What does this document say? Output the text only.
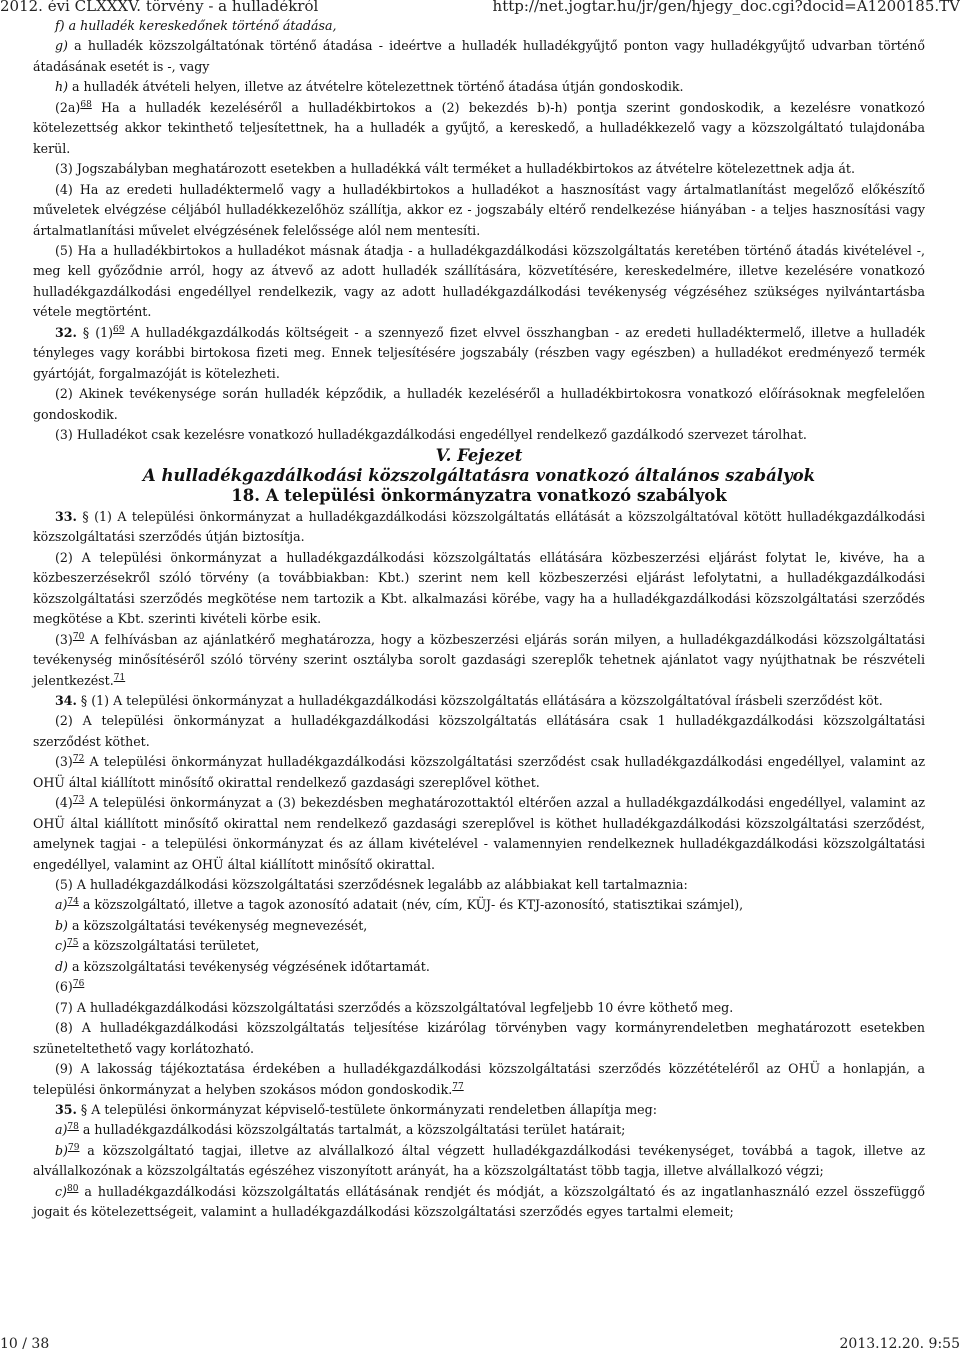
2012. évi CLXXXV. törvény - a hulladékról	http://net.jogtar.hu/jr/gen/hjegy_doc.cgi?docid=A1200185.TV

f) a hulladék kereskedőnek történő átadása,

g) a hulladék közszolgáltatónak történő átadása - ideértve a hulladék hulladékgyűjtő ponton vagy hulladékgyűjtő udvarban történő átadásának esetét is -, vagy

h) a hulladék átvételi helyen, illetve az átvételre kötelezettnek történő átadása útján gondoskodik.

$(2a)^{68}$ Ha a hulladék kezeléséről a hulladékbirtokos a (2) bekezdés b)-h) pontja szerint gondoskodik, a kezelésre vonatkozó kötelezettség akkor tekinthető teljesítettnek, ha a hulladék a gyűjtő, a kereskedő, a hulladékkezelő vagy a közszolgáltató tulajdonába kerül.

(3) Jogszabályban meghatározott esetekben a hulladékká vált terméket a hulladékbirtokos az átvételre kötelezettnek adja át.

(4) Ha az eredeti hulladéktermelő vagy a hulladékbirtokos a hulladékot a hasznosítást vagy ártalmatlanítást megelőző előkészítő műveletek elvégzése céljából hulladékkezelőhöz szállítja, akkor ez - jogszabály eltérő rendelkezése hiányában - a teljes hasznosítási vagy ártalmatlanítási művelet elvégzésének felelőssége alól nem mentesíti.

(5) Ha a hulladékbirtokos a hulladékot másnak átadja - a hulladékgazdálkodási közszolgáltatás keretében történő átadás kivételével -, meg kell győződnie arról, hogy az átvevő az adott hulladék szállítására, közvetítésére, kereskedelmére, illetve kezelésére vonatkozó hulladékgazdálkodási engedéllyel rendelkezik, vagy az adott hulladékgazdálkodási tevékenység végzéséhez szükséges nyilvántartásba vétele megtörtént.

32. § $(1)^{69}$ A hulladékgazdálkodás költségeit - a szennyező fizet elvvel összhangban - az eredeti hulladéktermelő, illetve a hulladék tényleges vagy korábbi birtokosa fizeti meg. Ennek teljesítésére jogszabály (részben vagy egészben) a hulladékot eredményező termék gyártóját, forgalmazóját is kötelezheti.

(2) Akinek tevékenysége során hulladék képződik, a hulladék kezeléséről a hulladékbirtokosra vonatkozó előírásoknak megfelelően gondoskodik.

(3) Hulladékot csak kezelésre vonatkozó hulladékgazdálkodási engedéllyel rendelkező gazdálkodó szervezet tárolhat.

V. Fejezet

A hulladékgazdálkodási közszolgáltatásra vonatkozó általános szabályok

18. A települési önkormányzatra vonatkozó szabályok

33. § (1) A települési önkormányzat a hulladékgazdálkodási közszolgáltatás ellátását a közszolgáltatóval kötött hulladékgazdálkodási közszolgáltatási szerződés útján biztosítja.

(2) A települési önkormányzat a hulladékgazdálkodási közszolgáltatás ellátására közbeszerzési eljárást folytat le, kivéve, ha a közbeszerzésekről szóló törvény (a továbbiakban: Kbt.) szerint nem kell közbeszerzési eljárást lefolytatni, a hulladékgazdálkodási közszolgáltatási szerződés megkötése nem tartozik a Kbt. alkalmazási körébe, vagy ha a hulladékgazdálkodási közszolgáltatási szerződés megkötése a Kbt. szerinti kivételi körbe esik.

$(3)^{70}$ A felhívásban az ajánlatkérő meghatározza, hogy a közbeszerzési eljárás során milyen, a hulladékgazdálkodási közszolgáltatási tevékenység minősítéséről szóló törvény szerint osztályba sorolt gazdasági szereplők tehetnek ajánlatot vagy nyújthatnak be részvételi jelentkezést.$^{71}$

34. § (1) A települési önkormányzat a hulladékgazdálkodási közszolgáltatás ellátására a közszolgáltatóval írásbeli szerződést köt.

(2) A települési önkormányzat a hulladékgazdálkodási közszolgáltatás ellátására csak 1 hulladékgazdálkodási közszolgáltatási szerződést köthet.

$(3)^{72}$ A települési önkormányzat hulladékgazdálkodási közszolgáltatási szerződést csak hulladékgazdálkodási engedéllyel, valamint az OHÜ által kiállított minősítő okirattal rendelkező gazdasági szereplővel köthet.

$(4)^{73}$ A települési önkormányzat a (3) bekezdésben meghatározottaktól eltérően azzal a hulladékgazdálkodási engedéllyel, valamint az OHÜ által kiállított minősítő okirattal nem rendelkező gazdasági szereplővel is köthet hulladékgazdálkodási közszolgáltatási szerződést, amelynek tagjai - a települési önkormányzat és az állam kivételével - valamennyien rendelkeznek hulladékgazdálkodási közszolgáltatási engedéllyel, valamint az OHÜ által kiállított minősítő okirattal.

(5) A hulladékgazdálkodási közszolgáltatási szerződésnek legalább az alábbiakat kell tartalmaznia:

a)$^{74}$ a közszolgáltató, illetve a tagok azonosító adatait (név, cím, KÜJ- és KTJ-azonosító, statisztikai számjel),

b) a közszolgáltatási tevékenység megnevezését,

c)$^{75}$ a közszolgáltatási területet,

d) a közszolgáltatási tevékenység végzésének időtartamát.

$(6)^{76}$

(7) A hulladékgazdálkodási közszolgáltatási szerződés a közszolgáltatóval legfeljebb 10 évre köthető meg.

(8) A hulladékgazdálkodási közszolgáltatás teljesítése kizárólag törvényben vagy kormányrendeletben meghatározott esetekben szüneteltethető vagy korlátozható.

(9) A lakosság tájékoztatása érdekében a hulladékgazdálkodási közszolgáltatási szerződés közzétételéről az OHÜ a honlapján, a települési önkormányzat a helyben szokásos módon gondoskodik.$^{77}$

35. § A települési önkormányzat képviselő-testülete önkormányzati rendeletben állapítja meg:

a)$^{78}$ a hulladékgazdálkodási közszolgáltatás tartalmát, a közszolgáltatási terület határait;

b)$^{79}$ a közszolgáltató tagjai, illetve az alvállalkozó által végzett hulladékgazdálkodási tevékenységet, továbbá a tagok, illetve az alvállalkozónak a közszolgáltatás egészéhez viszonyított arányát, ha a közszolgáltatást több tagja, illetve alvállalkozó végzi;

c)$^{80}$ a hulladékgazdálkodási közszolgáltatás ellátásának rendjét és módját, a közszolgáltató és az ingatlanhasználó ezzel összefüggő jogait és kötelezettségeit, valamint a hulladékgazdálkodási közszolgáltatási szerződés egyes tartalmi elemeit;

10 / 38	2013.12.20. 9:55
